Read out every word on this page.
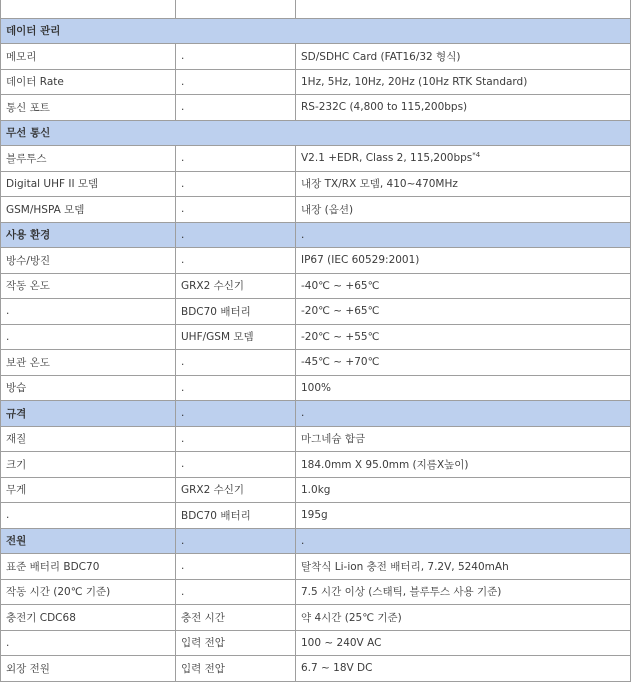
데이터 관리		
메모리	.	SD/SDHC Card (FAT16/32 형식)
데이터 Rate	.	1Hz, 5Hz, 10Hz, 20Hz (10Hz RTK Standard)
통신 포트	.	RS-232C (4,800 to 115,200bps)
무선 통신		
블루투스	.	V2.1 +EDR, Class 2, 115,200bps$^{*4}$
Digital UHF II 모뎀	.	내장 TX/RX 모뎀, 410~470MHz
GSM/HSPA 모뎀	.	내장 (옵션)
사용 환경	.	.
방수/방진	.	IP67 (IEC 60529:2001)
작동 온도	GRX2 수신기	-40℃ ~ +65℃
.	BDC70 배터리	-20℃ ~ +65℃
.	UHF/GSM 모뎀	-20℃ ~ +55℃
보관 온도	.	-45℃ ~ +70℃
방습	.	100%
규격	.	.
재질	.	마그네슘 합금
크기	.	184.0mm X 95.0mm (지름X높이)
무게	GRX2 수신기	1.0kg
.	BDC70 배터리	195g
전원	.	.
표준 배터리 BDC70	.	탈착식 Li-ion 충전 배터리, 7.2V, 5240mAh
작동 시간 (20℃ 기준)	.	7.5 시간 이상 (스태틱, 블루투스 사용 기준)
충전기 CDC68	충전 시간	약 4시간 (25℃ 기준)
.	입력 전압	100 ~ 240V AC
외장 전원	입력 전압	6.7 ~ 18V DC
